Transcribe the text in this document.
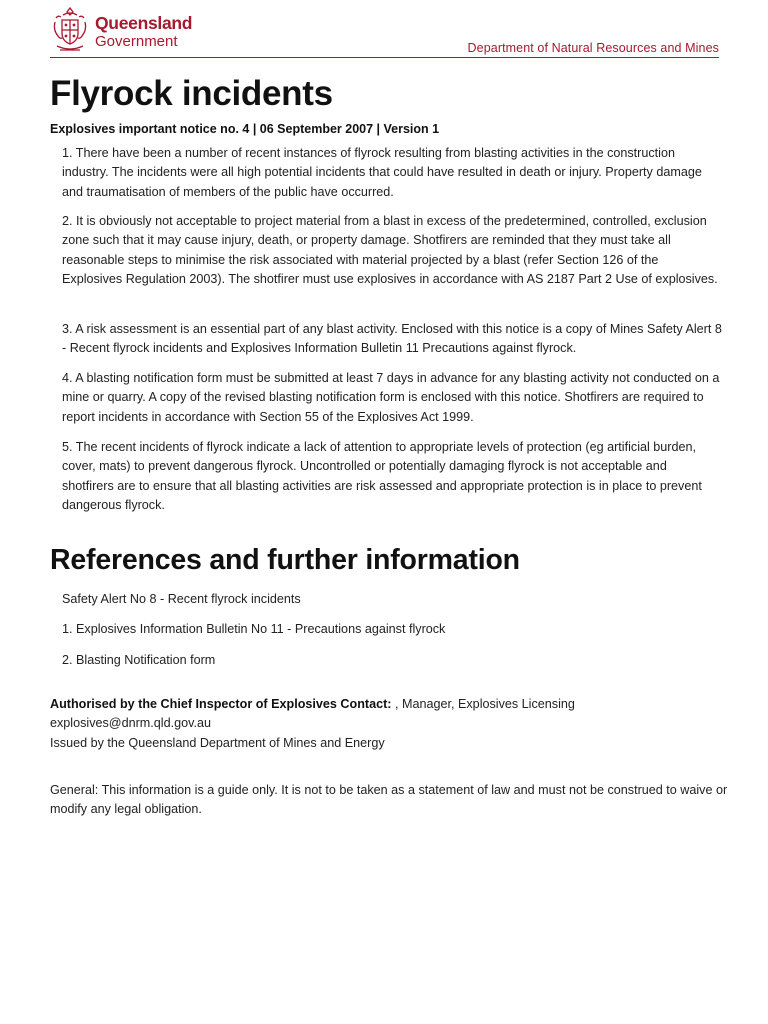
Queensland
Government	Department of Natural Resources and Mines
Flyrock incidents
Explosives important notice no. 4 | 06 September 2007 | Version 1

1. There have been a number of recent instances of flyrock resulting from blasting activities in the construction industry. The incidents were all high potential incidents that could have resulted in death or injury. Property damage and traumatisation of members of the public have occurred.

2. It is obviously not acceptable to project material from a blast in excess of the predetermined, controlled, exclusion zone such that it may cause injury, death, or property damage. Shotfirers are reminded that they must take all reasonable steps to minimise the risk associated with material projected by a blast (refer Section 126 of the Explosives Regulation 2003). The shotfirer must use explosives in accordance with AS 2187 Part 2 Use of explosives.

3. A risk assessment is an essential part of any blast activity. Enclosed with this notice is a copy of Mines Safety Alert 8 - Recent flyrock incidents and Explosives Information Bulletin 11 Precautions against flyrock.

4. A blasting notification form must be submitted at least 7 days in advance for any blasting activity not conducted on a mine or quarry. A copy of the revised blasting notification form is enclosed with this notice. Shotfirers are required to report incidents in accordance with Section 55 of the Explosives Act 1999.

5. The recent incidents of flyrock indicate a lack of attention to appropriate levels of protection (eg artificial burden, cover, mats) to prevent dangerous flyrock. Uncontrolled or potentially damaging flyrock is not acceptable and shotfirers are to ensure that all blasting activities are risk assessed and appropriate protection is in place to prevent dangerous flyrock.

References and further information
Safety Alert No 8 - Recent flyrock incidents
1. Explosives Information Bulletin No 11 - Precautions against flyrock
2. Blasting Notification form
Authorised by the Chief Inspector of Explosives Contact: , Manager, Explosives Licensing
explosives@dnrm.qld.gov.au
Issued by the Queensland Department of Mines and Energy
General: This information is a guide only. It is not to be taken as a statement of law and must not be construed to waive or modify any legal obligation.
